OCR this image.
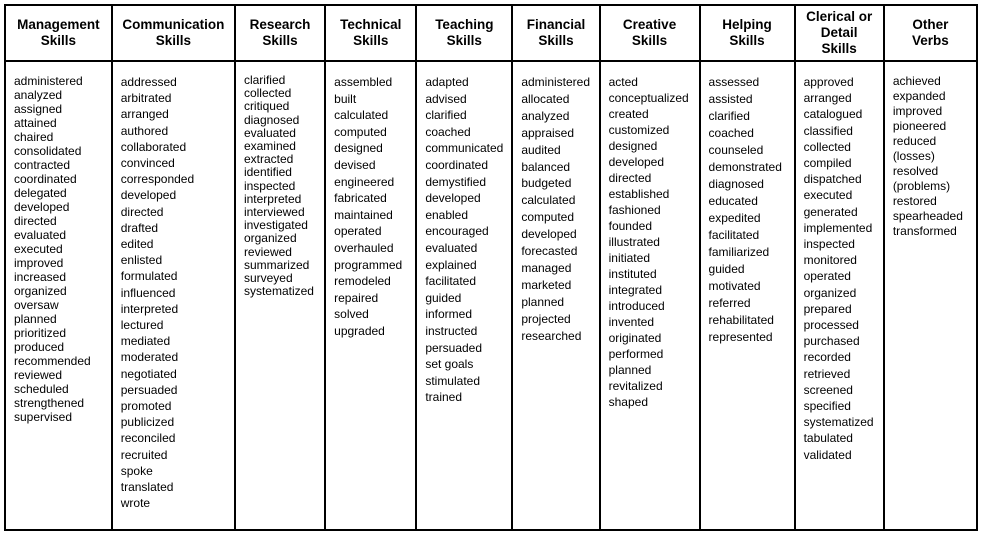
Management
Skills
administered
analyzed
assigned
attained
chaired
consolidated
contracted
coordinated
delegated
developed
directed
evaluated
executed
improved
increased
organized
oversaw
planned
prioritized
produced
recommended
reviewed
scheduled
strengthened
supervised
Communication
Skills
addressed
arbitrated
arranged
authored
collaborated
convinced
corresponded
developed
directed
drafted
edited
enlisted
formulated
influenced
interpreted
lectured
mediated
moderated
negotiated
persuaded
promoted
publicized
reconciled
recruited
spoke
translated
wrote
Research
Skills
clarified
collected
critiqued
diagnosed
evaluated
examined
extracted
identified
inspected
interpreted
interviewed
investigated
organized
reviewed
summarized
surveyed
systematized
Technical
Skills
assembled
built
calculated
computed
designed
devised
engineered
fabricated
maintained
operated
overhauled
programmed
remodeled
repaired
solved
upgraded
Teaching
Skills
adapted
advised
clarified
coached
communicated
coordinated
demystified
developed
enabled
encouraged
evaluated
explained
facilitated
guided
informed
instructed
persuaded
set goals
stimulated
trained
Financial
Skills
administered
allocated
analyzed
appraised
audited
balanced
budgeted
calculated
computed
developed
forecasted
managed
marketed
planned
projected
researched
Creative
Skills
acted
conceptualized
created
customized
designed
developed
directed
established
fashioned
founded
illustrated
initiated
instituted
integrated
introduced
invented
originated
performed
planned
revitalized
shaped
Helping
Skills
assessed
assisted
clarified
coached
counseled
demonstrated
diagnosed
educated
expedited
facilitated
familiarized
guided
motivated
referred
rehabilitated
represented
Clerical or
Detail
Skills
approved
arranged
catalogued
classified
collected
compiled
dispatched
executed
generated
implemented
inspected
monitored
operated
organized
prepared
processed
purchased
recorded
retrieved
screened
specified
systematized
tabulated
validated
Other
Verbs
achieved
expanded
improved
pioneered
reduced
(losses)
resolved
(problems)
restored
spearheaded
transformed
